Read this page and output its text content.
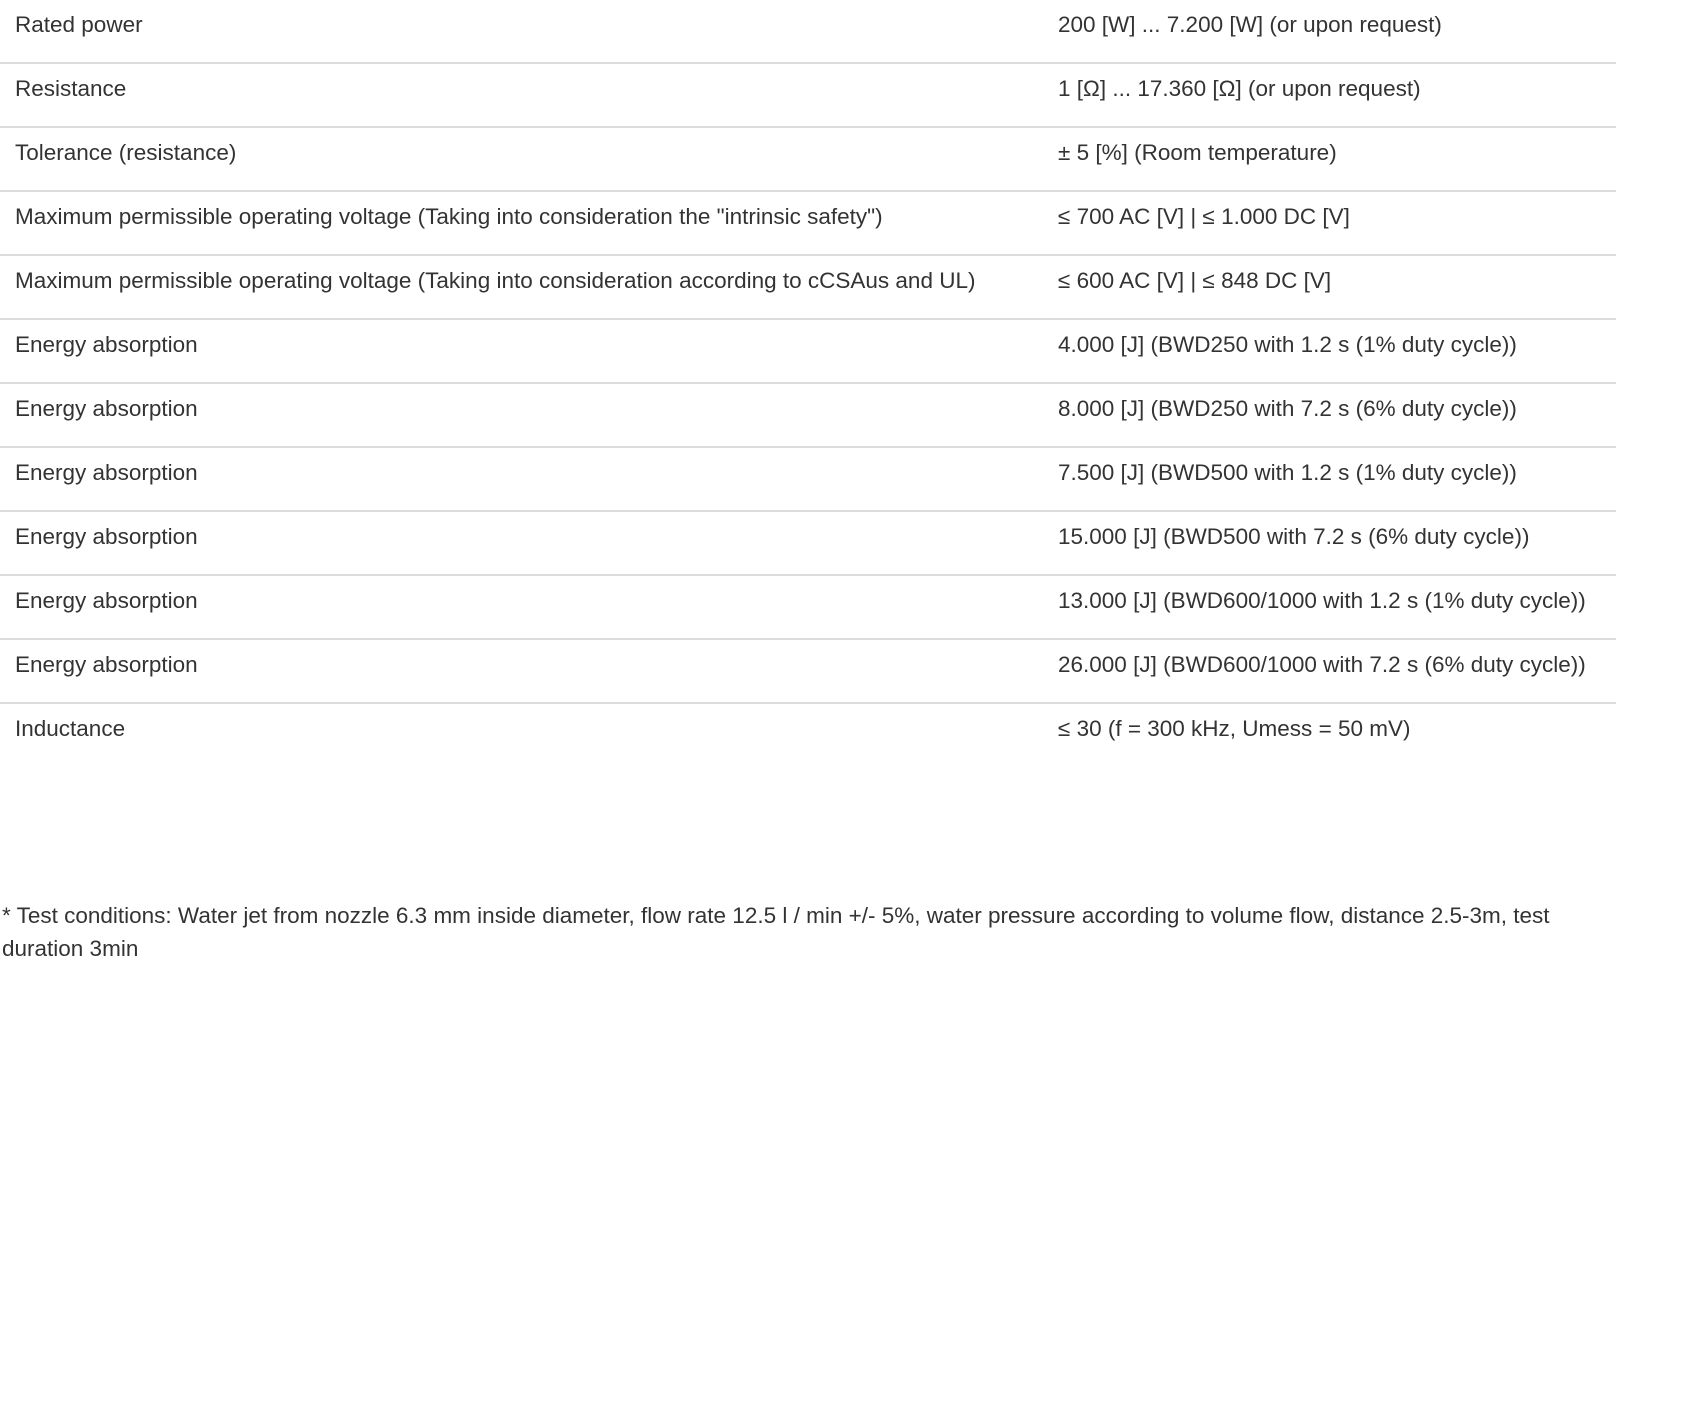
Rated power	200 [W] ... 7.200 [W] (or upon request)
Resistance	1 [Ω] ... 17.360 [Ω] (or upon request)
Tolerance (resistance)	± 5 [%] (Room temperature)
Maximum permissible operating voltage (Taking into consideration the "intrinsic safety")	≤ 700 AC [V] | ≤ 1.000 DC [V]
Maximum permissible operating voltage (Taking into consideration according to cCSAus and UL)	≤ 600 AC [V] | ≤ 848 DC [V]
Energy absorption	4.000 [J] (BWD250 with 1.2 s (1% duty cycle))
Energy absorption	8.000 [J] (BWD250 with 7.2 s (6% duty cycle))
Energy absorption	7.500 [J] (BWD500 with 1.2 s (1% duty cycle))
Energy absorption	15.000 [J] (BWD500 with 7.2 s (6% duty cycle))
Energy absorption	13.000 [J] (BWD600/1000 with 1.2 s (1% duty cycle))
Energy absorption	26.000 [J] (BWD600/1000 with 7.2 s (6% duty cycle))
Inductance	≤ 30 (f = 300 kHz, Umess = 50 mV)

* Test conditions: Water jet from nozzle 6.3 mm inside diameter, flow rate 12.5 l / min +/- 5%, water pressure according to volume flow, distance 2.5-3m, test duration 3min
